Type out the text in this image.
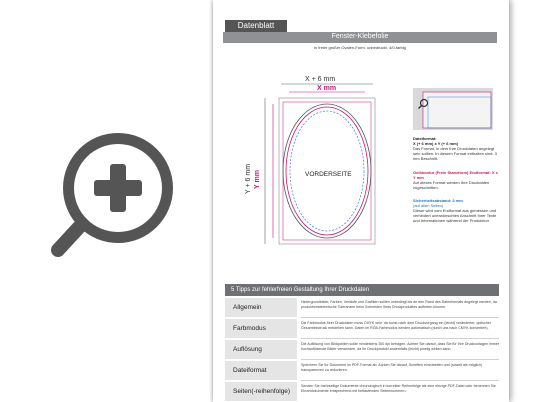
Datenblatt
Fenster-Klebefolie
in freier großer Ovalen-Form, unbedruckt, 4/0-farbig
X + 6 mm
X mm
Y + 6 mm Y mm	VORDERSEITE
Dateiformat:
X (+ 6 mm) x Y (+ 6 mm)
Das Format, in dem Ihre Druckdaten angelegt sein sollten. In diesem Format enthalten sind: 3 mm Beschnitt.
Gelbkontur (Freie Stanzform) Endformat: X x Y mm
Auf dieses Format werden Ihre Druckdaten zugeschnitten.
Sicherheitsabstand: 3 mm
(auf allen Seiten)
Dieser wird vom Endformat aus gemessen und verhindert unerwünschten Anschnitt Ihrer Texte und Informationen während der Produktion.
5 Tipps zur fehlerfreien Gestaltung Ihrer Druckdaten
Allgemein
Hintergrundbilder, Farben, Verläufe und Grafiken sollten unbedingt bis an den Rand des Datenformats angelegt werden, da produktionstechnische Toleranzen beim Schneiden Ihres Druckproduktes auftreten können.
Farbmodus
Die Farbmodus Ihrer Druckdaten muss CMYK sein, da sonst nach dem Druckvorgang ein (leicht) veränderter, optischer Gesamteindruck entstehen kann. Daten im RGB-Farbmodus werden automatisch (durch uns nach CMYK konvertiert).
Auflösung
Die Auflösung von Bildquellen sollte mindestens 300 dpi betragen. Achten Sie darauf, dass Sie für Ihre Druckvorlagen immer hochauflösende Bilder verwenden, da Ihr Druckprodukt andernfalls (leicht) pixelig wirken kann.
Dateiformat
Speichern Sie Ihr Dokument im PDF-Format ab. Achten Sie darauf, Schriften einzubetten und (soweit als möglich) transparenzen zu reduzieren.
Seiten(-reihenfolge)
Senden Sie mehrseitige Dokumente chronologisch in korrekter Reihenfolge als eine einzige PDF-Datei oder benennen Sie Einzeldokumente entsprechend mit fortlaufenden Seitennummern.
